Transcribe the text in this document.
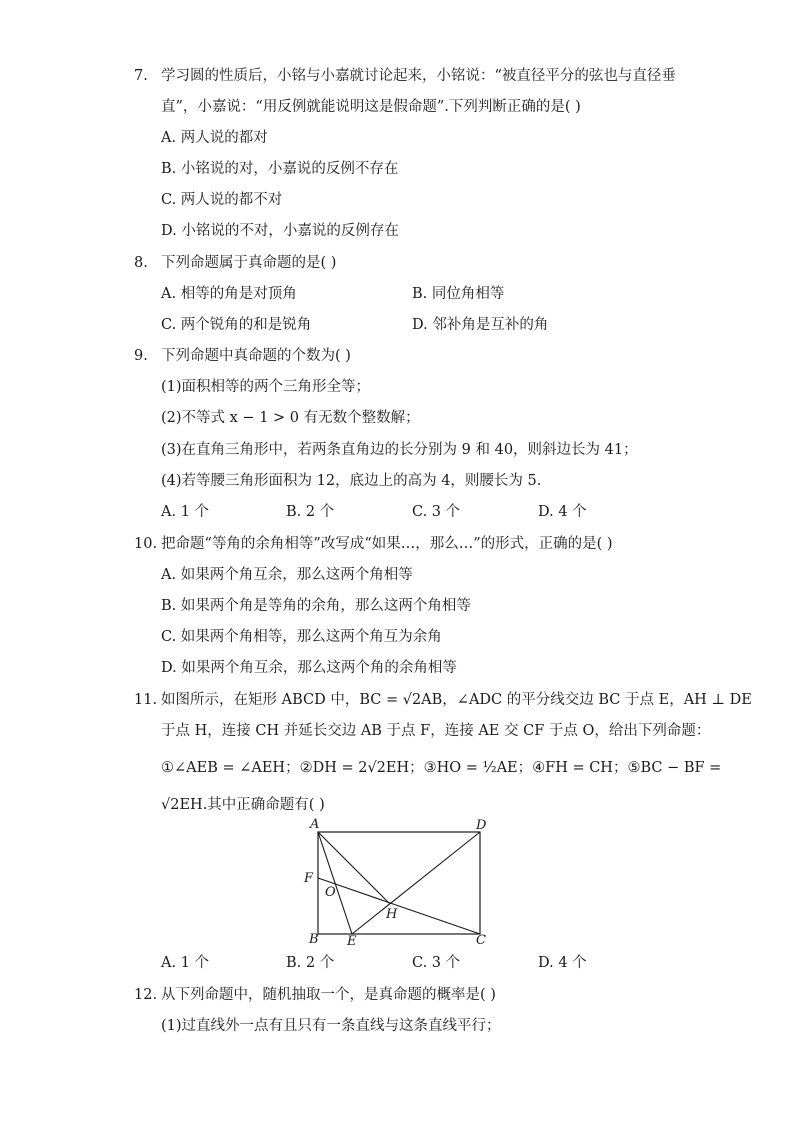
7. 学习圆的性质后，小铭与小嘉就讨论起来，小铭说：“被直径平分的弦也与直径垂
直”，小嘉说：“用反例就能说明这是假命题”.下列判断正确的是( )
A. 两人说的都对
B. 小铭说的对，小嘉说的反例不存在
C. 两人说的都不对
D. 小铭说的不对，小嘉说的反例存在
8. 下列命题属于真命题的是( )
A. 相等的角是对顶角	B. 同位角相等
C. 两个锐角的和是锐角	D. 邻补角是互补的角
9. 下列命题中真命题的个数为( )
(1)面积相等的两个三角形全等；
(2)不等式 x − 1 > 0 有无数个整数解；
(3)在直角三角形中，若两条直角边的长分别为 9 和 40，则斜边长为 41；
(4)若等腰三角形面积为 12，底边上的高为 4，则腰长为 5.
A. 1 个	B. 2 个	C. 3 个	D. 4 个
10. 把命题“等角的余角相等”改写成“如果…，那么…”的形式，正确的是( )
A. 如果两个角互余，那么这两个角相等
B. 如果两个角是等角的余角，那么这两个角相等
C. 如果两个角相等，那么这两个角互为余角
D. 如果两个角互余，那么这两个角的余角相等
11. 如图所示，在矩形 ABCD 中，BC = √2AB，∠ADC 的平分线交边 BC 于点 E，AH ⊥ DE
于点 H，连接 CH 并延长交边 AB 于点 F，连接 AE 交 CF 于点 O，给出下列命题：
①∠AEB = ∠AEH；②DH = 2√2EH；③HO = ½AE；④FH = CH；⑤BC − BF =
√2EH.其中正确命题有( )
A	D
B	C
E
F
O
H
A. 1 个	B. 2 个	C. 3 个	D. 4 个
12. 从下列命题中，随机抽取一个，是真命题的概率是( )
(1)过直线外一点有且只有一条直线与这条直线平行；
